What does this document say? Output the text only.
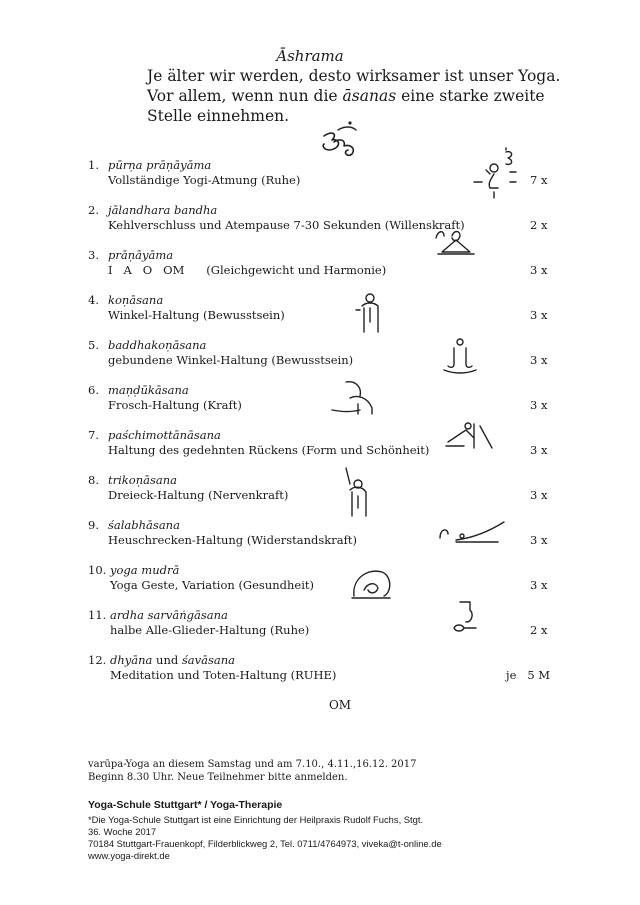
Āshrama
Je älter wir werden, desto wirksamer ist unser Yoga.
Vor allem, wenn nun die āsanas eine starke zweite
Stelle einnehmen.
1. pūrṇa prāṇāyāma
Vollständige Yogi-Atmung (Ruhe)	7 x
2. jālandhara bandha
Kehlverschluss und Atempause 7-30 Sekunden (Willenskraft)	2 x
3. prāṇāyāma
I   A   O   OM      (Gleichgewicht und Harmonie)	3 x
4. koṇāsana
Winkel-Haltung (Bewusstsein)	3 x
5. baddhakoṇāsana
gebundene Winkel-Haltung (Bewusstsein)	3 x
6. maṇḍūkāsana
Frosch-Haltung (Kraft)	3 x
7. paśchimottānāsana
Haltung des gedehnten Rückens (Form und Schönheit)	3 x
8. trikoṇāsana
Dreieck-Haltung (Nervenkraft)	3 x
9. śalabhāsana
Heuschrecken-Haltung (Widerstandskraft)	3 x
10. yoga mudrā
Yoga Geste, Variation (Gesundheit)	3 x
11. ardha sarvāṅgāsana
halbe Alle-Glieder-Haltung (Ruhe)	2 x
12. dhyāna und śavāsana
Meditation und Toten-Haltung (RUHE)	je   5 M
OM
varūpa-Yoga an diesem Samstag und am 7.10., 4.11.,16.12. 2017
Beginn 8.30 Uhr. Neue Teilnehmer bitte anmelden.
Yoga-Schule Stuttgart* / Yoga-Therapie
*Die Yoga-Schule Stuttgart ist eine Einrichtung der Heilpraxis Rudolf Fuchs, Stgt.
36. Woche 2017
70184 Stuttgart-Frauenkopf, Filderblickweg 2, Tel. 0711/4764973, viveka@t-online.de
www.yoga-direkt.de
